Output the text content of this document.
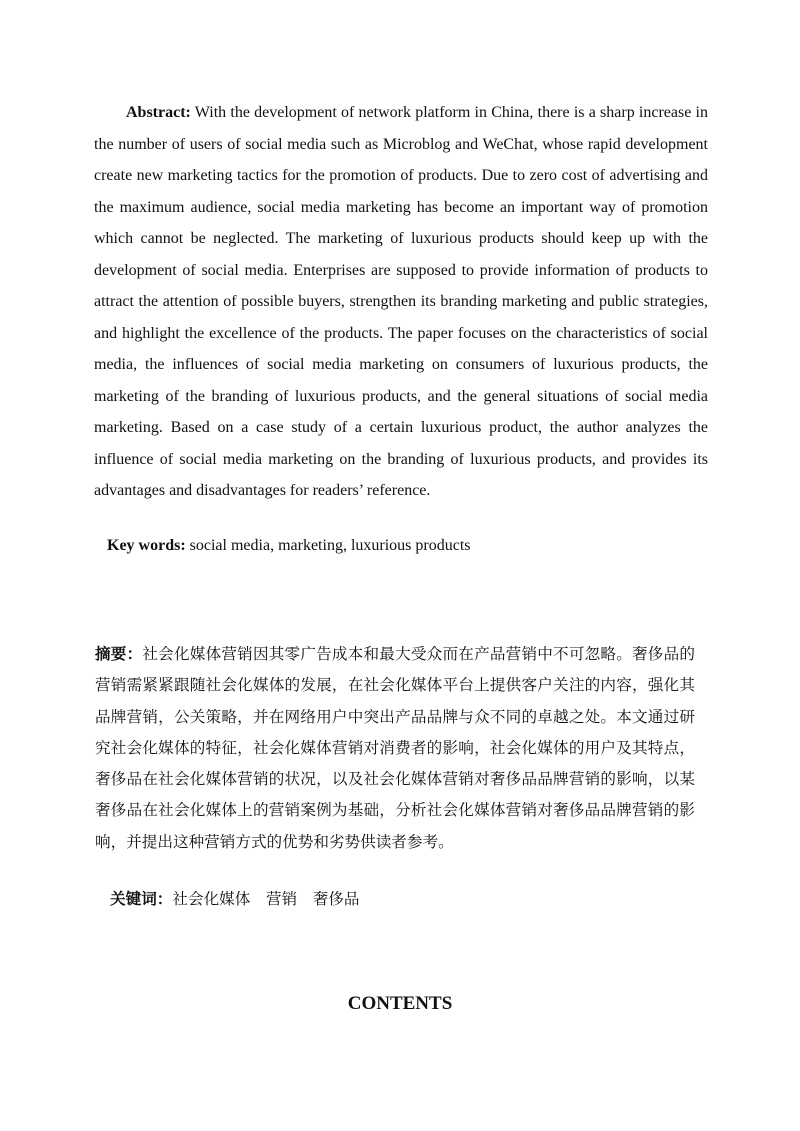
Abstract: With the development of network platform in China, there is a sharp increase in the number of users of social media such as Microblog and WeChat, whose rapid development create new marketing tactics for the promotion of products. Due to zero cost of advertising and the maximum audience, social media marketing has become an important way of promotion which cannot be neglected. The marketing of luxurious products should keep up with the development of social media. Enterprises are supposed to provide information of products to attract the attention of possible buyers, strengthen its branding marketing and public strategies, and highlight the excellence of the products. The paper focuses on the characteristics of social media, the influences of social media marketing on consumers of luxurious products, the marketing of the branding of luxurious products, and the general situations of social media marketing. Based on a case study of a certain luxurious product, the author analyzes the influence of social media marketing on the branding of luxurious products, and provides its advantages and disadvantages for readers’ reference.

Key words: social media, marketing, luxurious products

摘要：社会化媒体营销因其零广告成本和最大受众而在产品营销中不可忽略。奢侈品的营销需紧紧跟随社会化媒体的发展，在社会化媒体平台上提供客户关注的内容，强化其品牌营销，公关策略，并在网络用户中突出产品品牌与众不同的卓越之处。本文通过研究社会化媒体的特征，社会化媒体营销对消费者的影响，社会化媒体的用户及其特点，奢侈品在社会化媒体营销的状况，以及社会化媒体营销对奢侈品品牌营销的影响，以某奢侈品在社会化媒体上的营销案例为基础，分析社会化媒体营销对奢侈品品牌营销的影响，并提出这种营销方式的优势和劣势供读者参考。

关键词：社会化媒体　营销　奢侈品

CONTENTS
